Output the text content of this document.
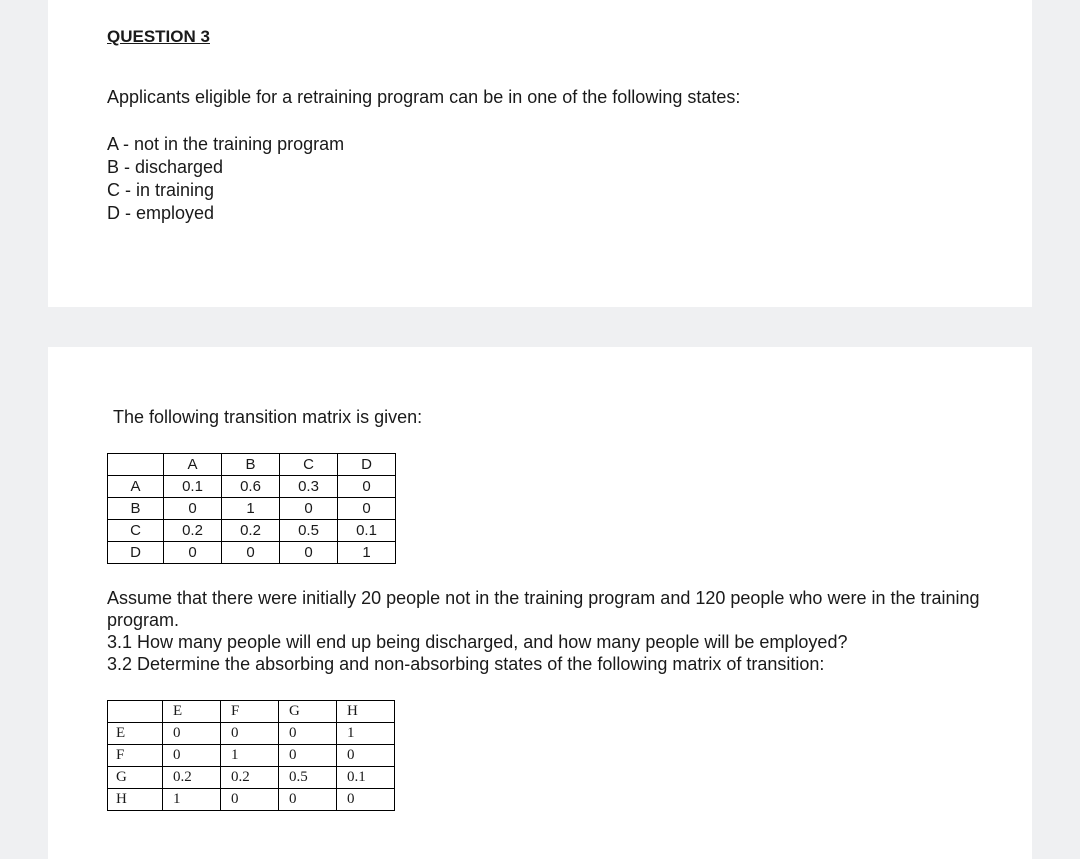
QUESTION 3

Applicants eligible for a retraining program can be in one of the following states:

A - not in the training program
B - discharged
C - in training
D - employed

The following transition matrix is given:

	A	B	C	D
A	0.1	0.6	0.3	0
B	0	1	0	0
C	0.2	0.2	0.5	0.1
D	0	0	0	1

Assume that there were initially 20 people not in the training program and 120 people who were in the training program.

3.1 How many people will end up being discharged, and how many people will be employed?

3.2 Determine the absorbing and non-absorbing states of the following matrix of transition:

	E	F	G	H
E	0	0	0	1
F	0	1	0	0
G	0.2	0.2	0.5	0.1
H	1	0	0	0
